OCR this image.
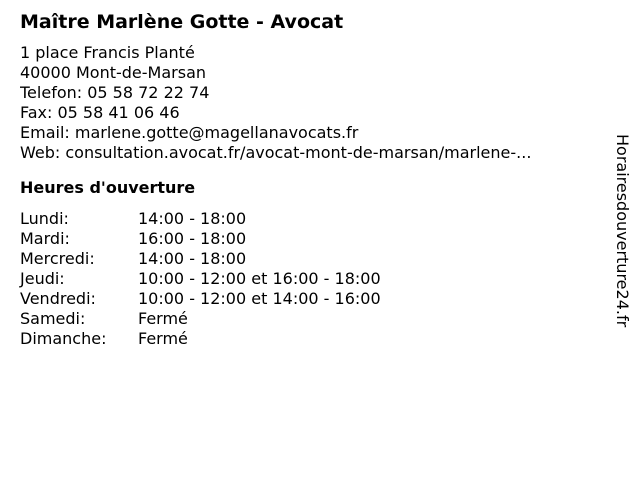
Maître Marlène Gotte - Avocat
1 place Francis Planté
40000 Mont-de-Marsan
Telefon: 05 58 72 22 74
Fax: 05 58 41 06 46
Email: marlene.gotte@magellanavocats.fr
Web: consultation.avocat.fr/avocat-mont-de-marsan/marlene-...
Heures d'ouverture
Lundi:	14:00 - 18:00
Mardi:	16:00 - 18:00
Mercredi:	14:00 - 18:00
Jeudi:	10:00 - 12:00 et 16:00 - 18:00
Vendredi:	10:00 - 12:00 et 14:00 - 16:00
Samedi:	Fermé
Dimanche:	Fermé
Horairesdouverture24.fr
